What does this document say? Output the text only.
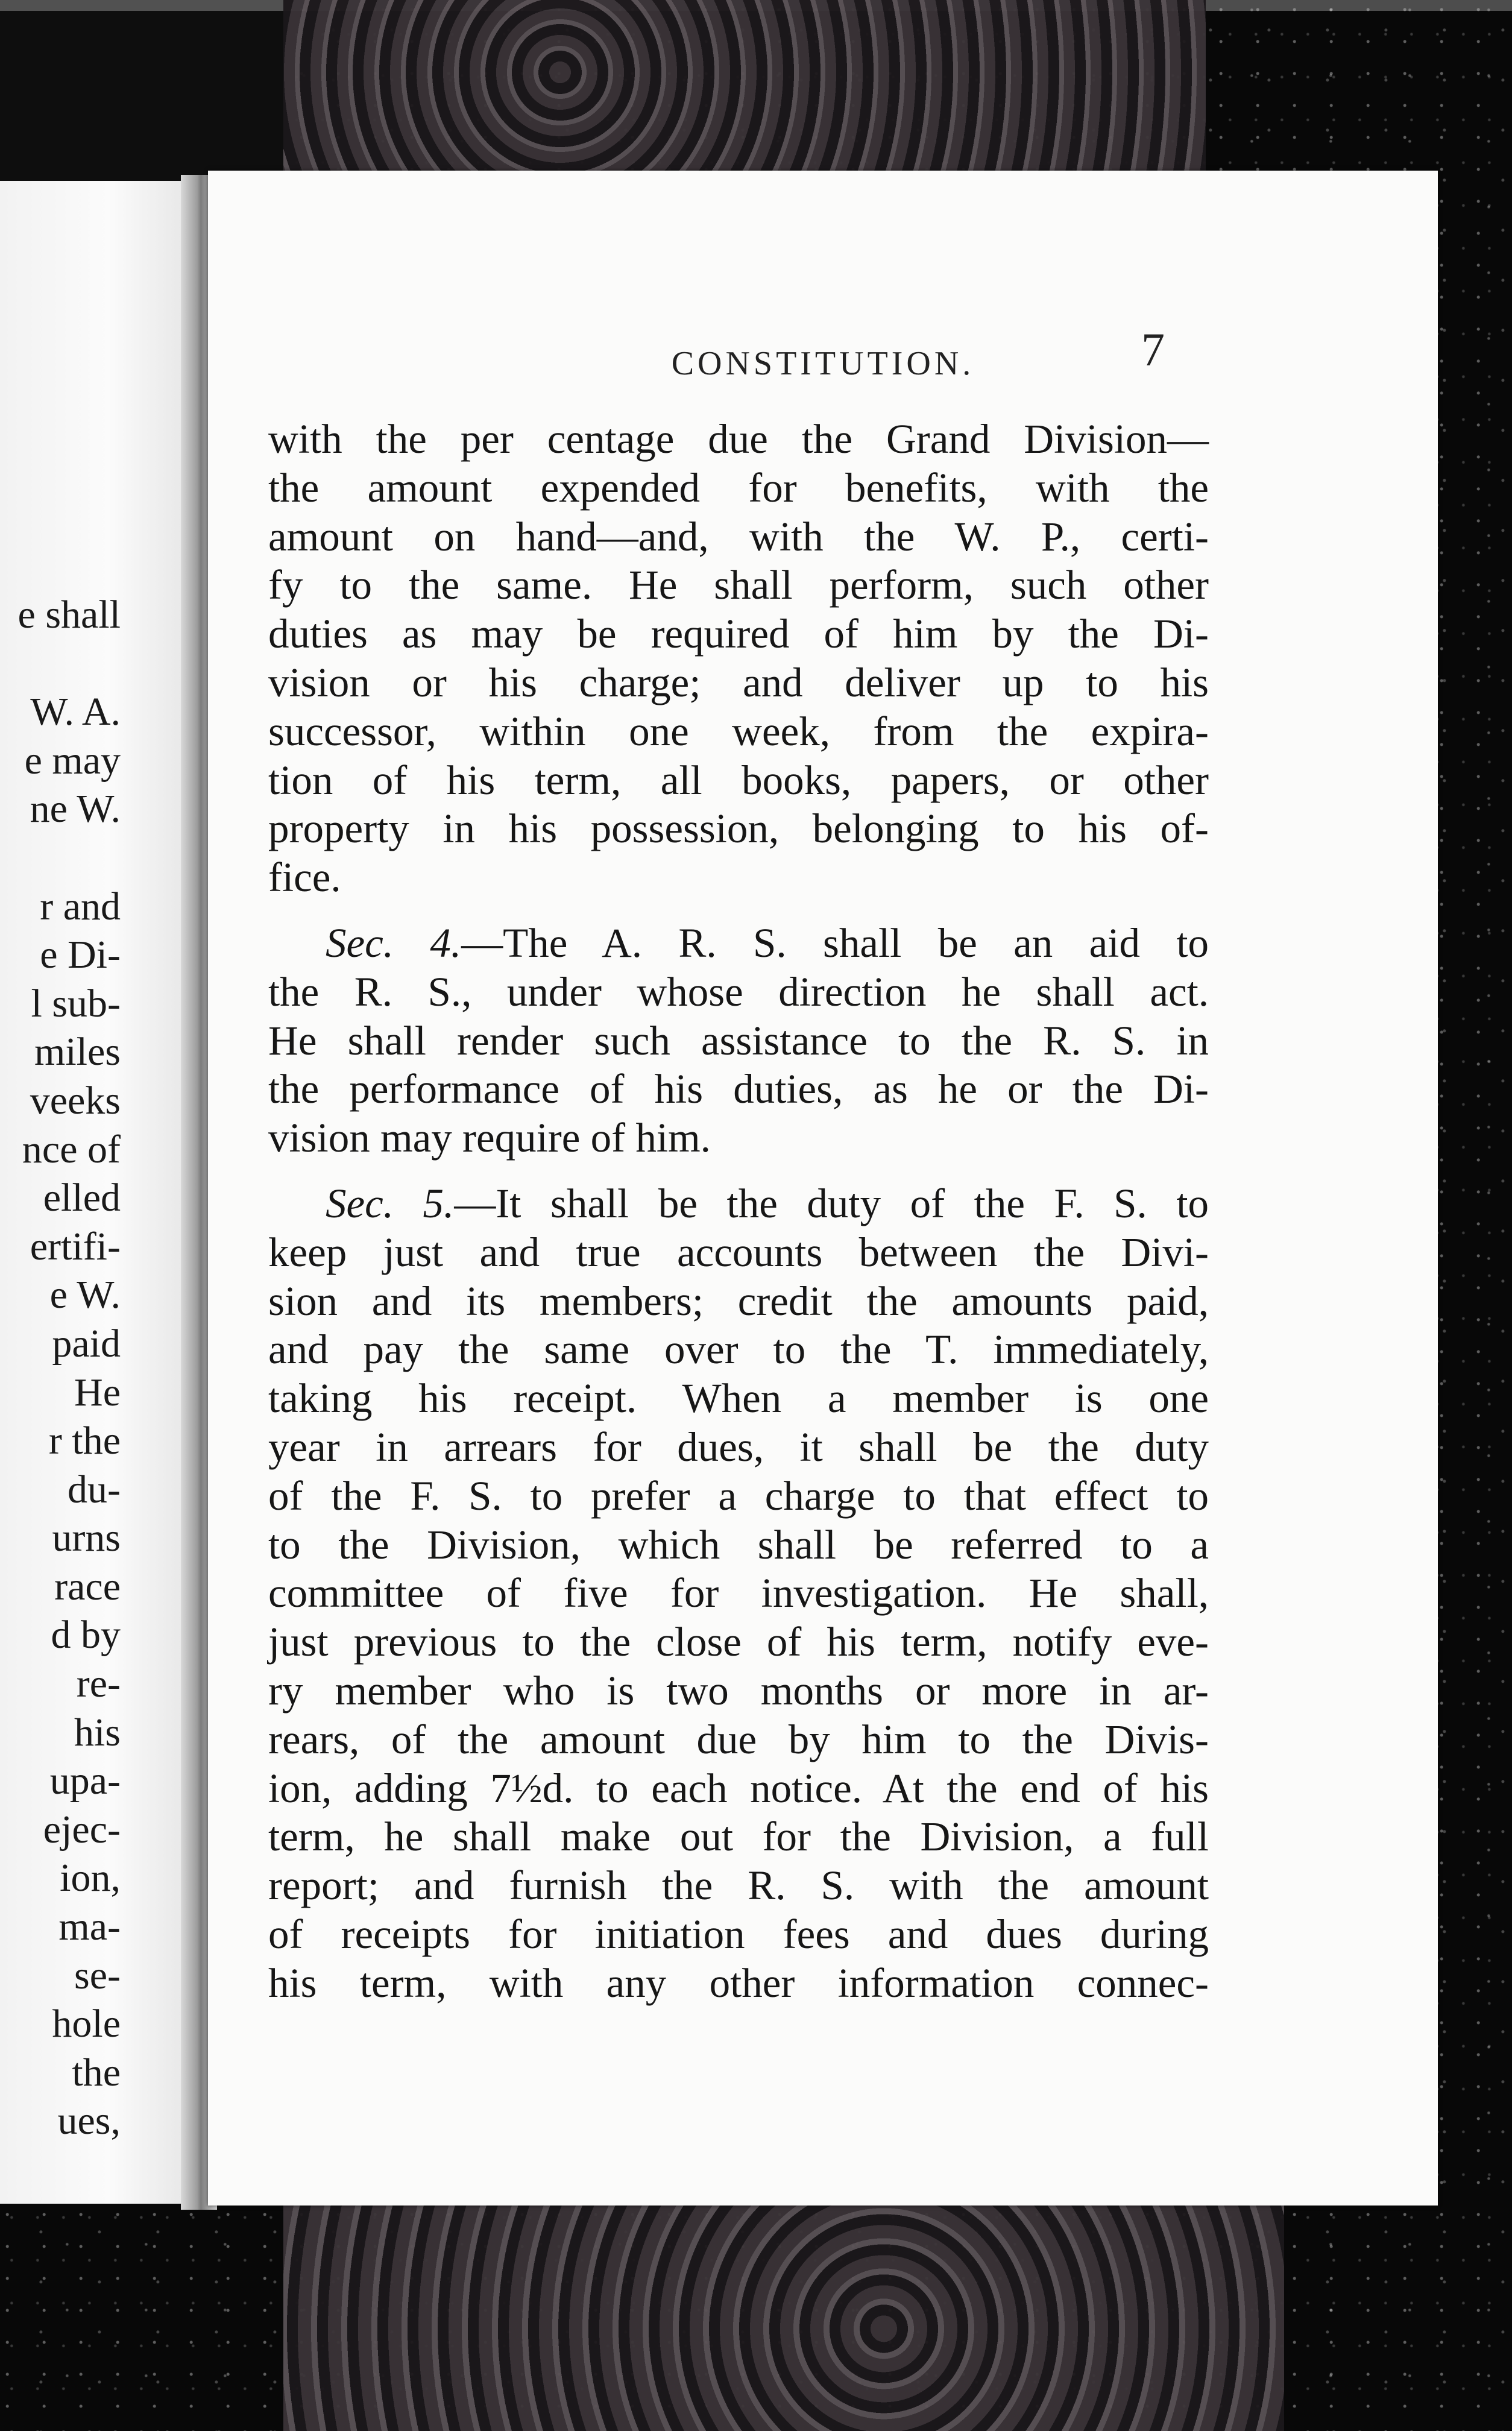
e shall

W. A.
e may
ne W.

r and
e Di-
l sub-
miles
veeks
nce of
elled
ertifi-
e W.
paid
He
r the
du-
urns
race
d by
re-
his
upa-
ejec-
ion,
ma-
se-
hole
the
ues,
CONSTITUTION.	7
with the per centage due the Grand Division—
the amount expended for benefits, with the
amount on hand—and, with the W. P., certi-
fy to the same. He shall perform, such other
duties as may be required of him by the Di-
vision or his charge; and deliver up to his
successor, within one week, from the expira-
tion of his term, all books, papers, or other
property in his possession, belonging to his of-
fice.
Sec. 4.—The A. R. S. shall be an aid to
the R. S., under whose direction he shall act.
He shall render such assistance to the R. S. in
the performance of his duties, as he or the Di-
vision may require of him.
Sec. 5.—It shall be the duty of the F. S. to
keep just and true accounts between the Divi-
sion and its members; credit the amounts paid,
and pay the same over to the T. immediately,
taking his receipt. When a member is one
year in arrears for dues, it shall be the duty
of the F. S. to prefer a charge to that effect to
to the Division, which shall be referred to a
committee of five for investigation. He shall,
just previous to the close of his term, notify eve-
ry member who is two months or more in ar-
rears, of the amount due by him to the Divis-
ion, adding 7½d. to each notice. At the end of his
term, he shall make out for the Division, a full
report; and furnish the R. S. with the amount
of receipts for initiation fees and dues during
his term, with any other information connec-
